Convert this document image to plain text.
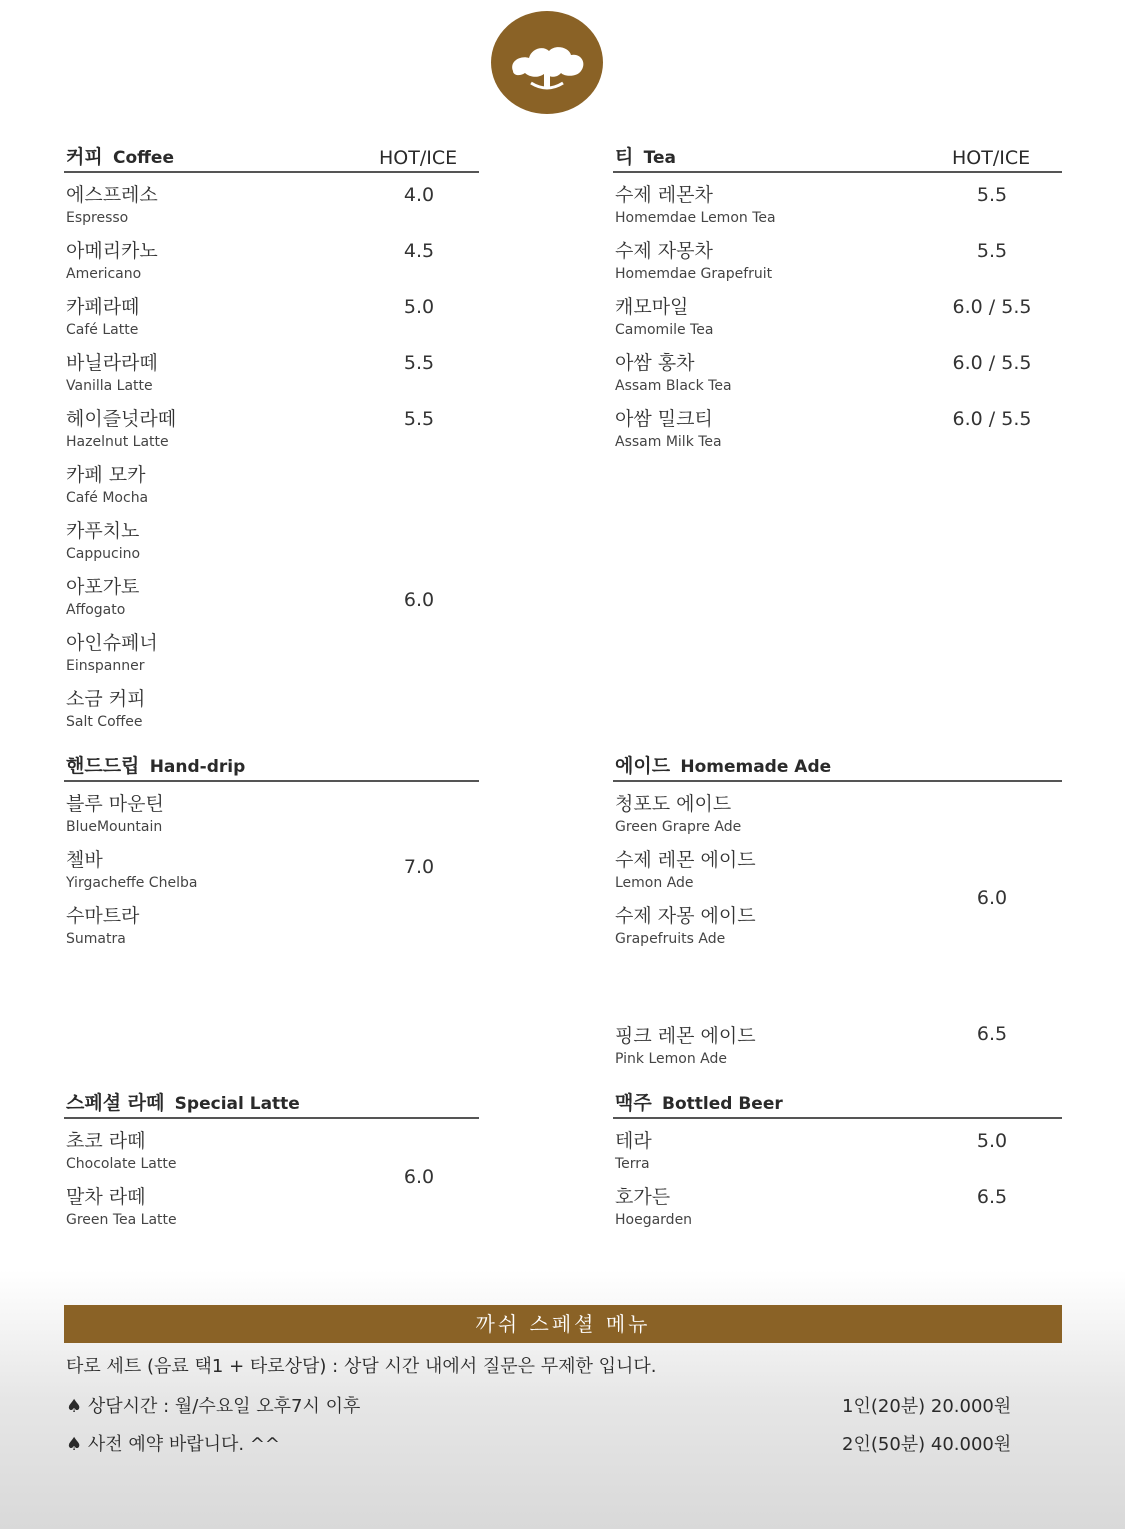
커피 Coffee	HOT/ICE
에스프레소
Espresso
아메리카노
Americano
카페라떼
Café Latte
바닐라라떼
Vanilla Latte
헤이즐넛라떼
Hazelnut Latte
카페 모카
Café Mocha
카푸치노
Cappucino
아포가토
Affogato
아인슈페너
Einspanner
소금 커피
Salt Coffee
4.0
4.5
5.0
5.5
5.5
6.0
티 Tea	HOT/ICE
수제 레몬차
Homemdae Lemon Tea
수제 자몽차
Homemdae Grapefruit
캐모마일
Camomile Tea
아쌈 홍차
Assam Black Tea
아쌈 밀크티
Assam Milk Tea
5.5
5.5
6.0 / 5.5
6.0 / 5.5
6.0 / 5.5
핸드드립 Hand-drip
블루 마운틴
BlueMountain
첼바
Yirgacheffe Chelba
수마트라
Sumatra
7.0
에이드 Homemade Ade
청포도 에이드
Green Grapre Ade
수제 레몬 에이드
Lemon Ade
수제 자몽 에이드
Grapefruits Ade
핑크 레몬 에이드
Pink Lemon Ade
6.0
6.5
스페셜 라떼 Special Latte
초코 라떼
Chocolate Latte
말차 라떼
Green Tea Latte
6.0
맥주 Bottled Beer
테라
Terra
호가든
Hoegarden
5.0
6.5
까쉬 스페셜 메뉴
타로 세트 (음료 택1 + 타로상담) : 상담 시간 내에서 질문은 무제한 입니다.
♠ 상담시간 : 월/수요일 오후7시 이후
♠ 사전 예약 바랍니다. ^^
1인(20분) 20.000원
2인(50분) 40.000원
